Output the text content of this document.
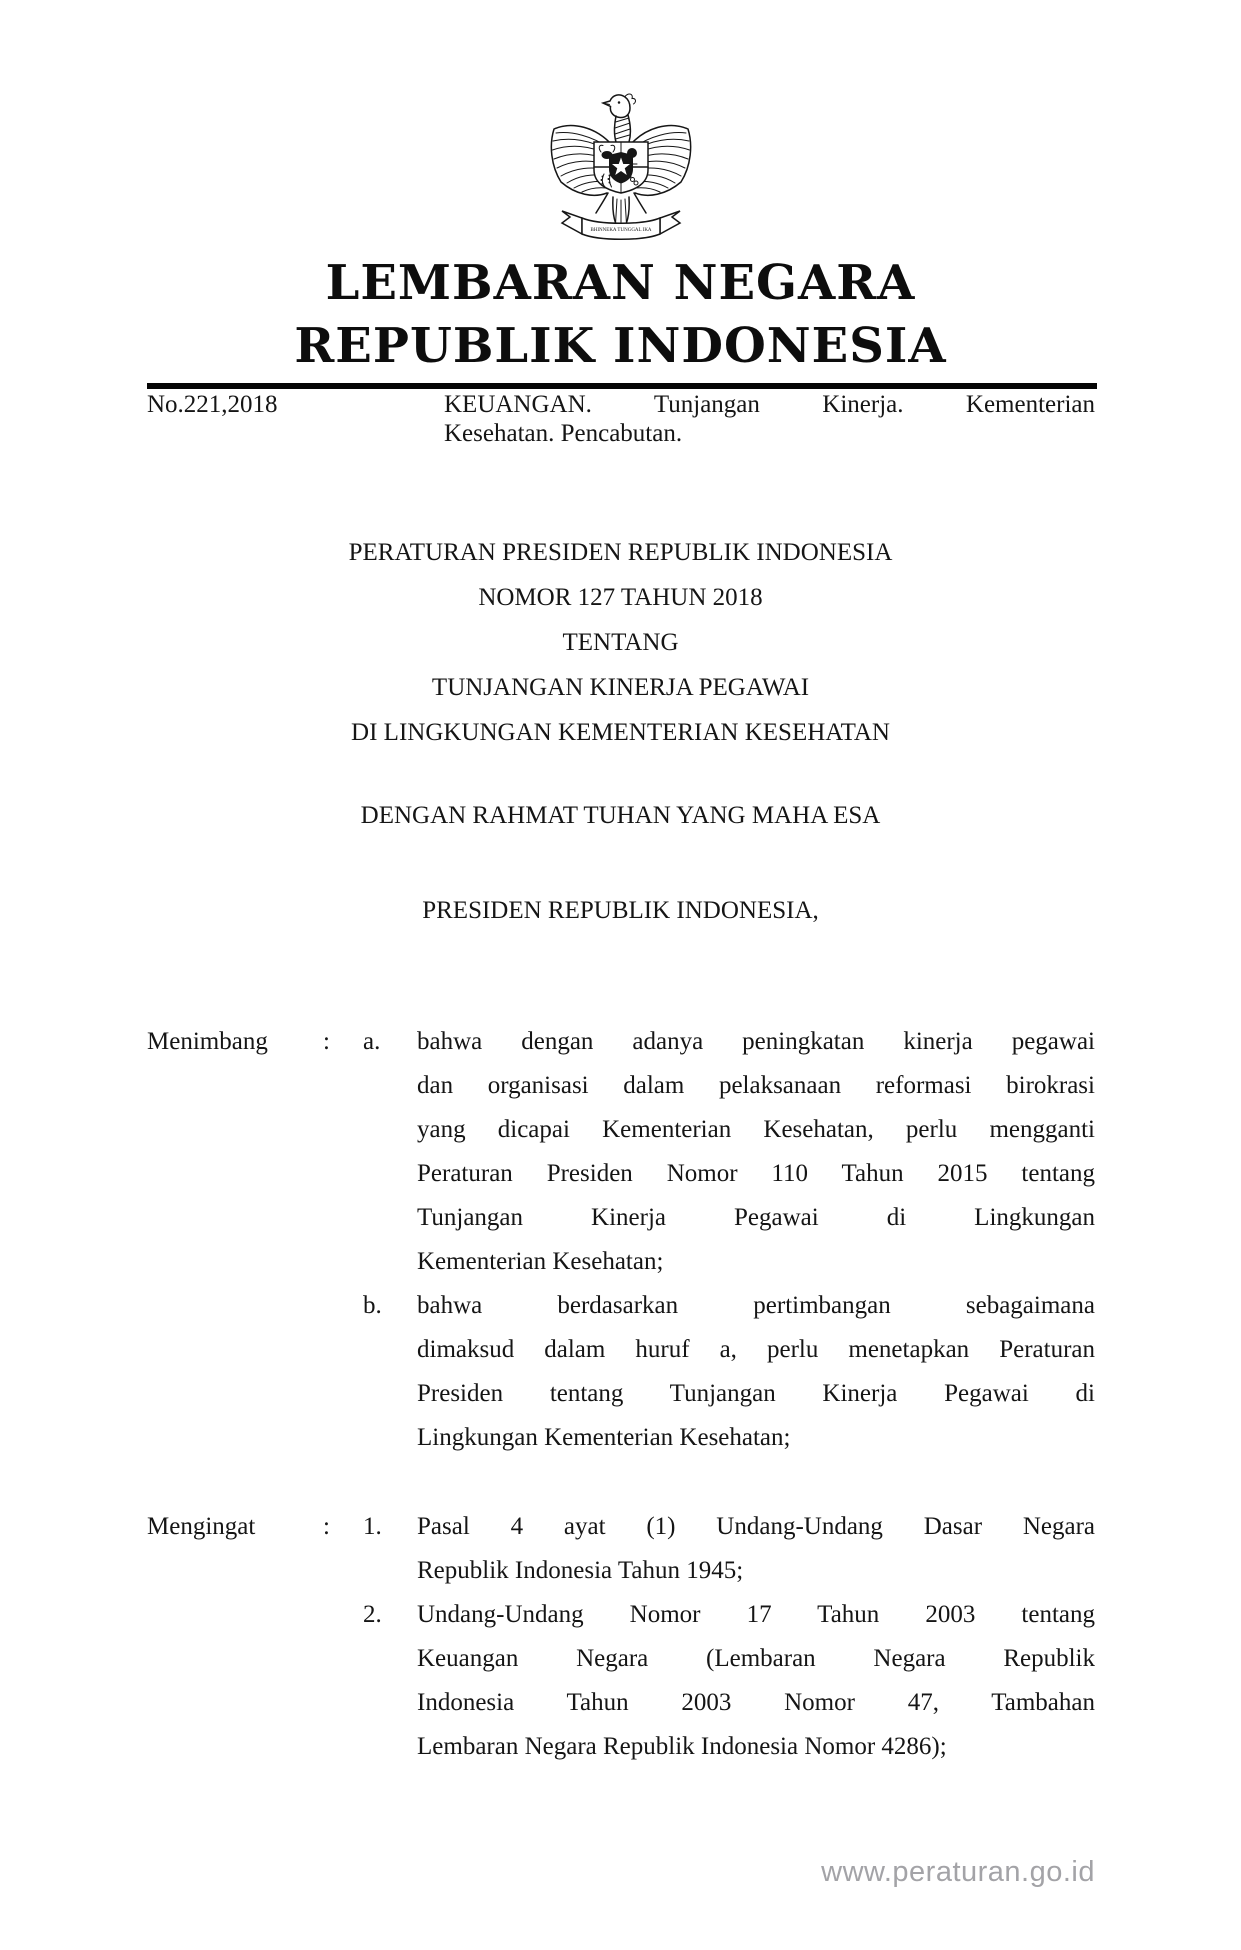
BHINNEKA TUNGGAL IKA
LEMBARAN NEGARA
REPUBLIK INDONESIA
No.221,2018	KEUANGAN. Tunjangan Kinerja. Kementerian
Kesehatan. Pencabutan.
PERATURAN PRESIDEN REPUBLIK INDONESIA
NOMOR 127 TAHUN 2018
TENTANG
TUNJANGAN KINERJA PEGAWAI
DI LINGKUNGAN KEMENTERIAN KESEHATAN
DENGAN RAHMAT TUHAN YANG MAHA ESA
PRESIDEN REPUBLIK INDONESIA,
Menimbang	:	a.	bahwa dengan adanya peningkatan kinerja pegawai
dan organisasi dalam pelaksanaan reformasi birokrasi
yang dicapai Kementerian Kesehatan, perlu mengganti
Peraturan Presiden Nomor 110 Tahun 2015 tentang
Tunjangan Kinerja Pegawai di Lingkungan
Kementerian Kesehatan;
b.	bahwa berdasarkan pertimbangan sebagaimana
dimaksud dalam huruf a, perlu menetapkan Peraturan
Presiden tentang Tunjangan Kinerja Pegawai di
Lingkungan Kementerian Kesehatan;
Mengingat	:	1.	Pasal 4 ayat (1) Undang-Undang Dasar Negara
Republik Indonesia Tahun 1945;
2.	Undang-Undang Nomor 17 Tahun 2003 tentang
Keuangan Negara (Lembaran Negara Republik
Indonesia Tahun 2003 Nomor 47, Tambahan
Lembaran Negara Republik Indonesia Nomor 4286);
www.peraturan.go.id
